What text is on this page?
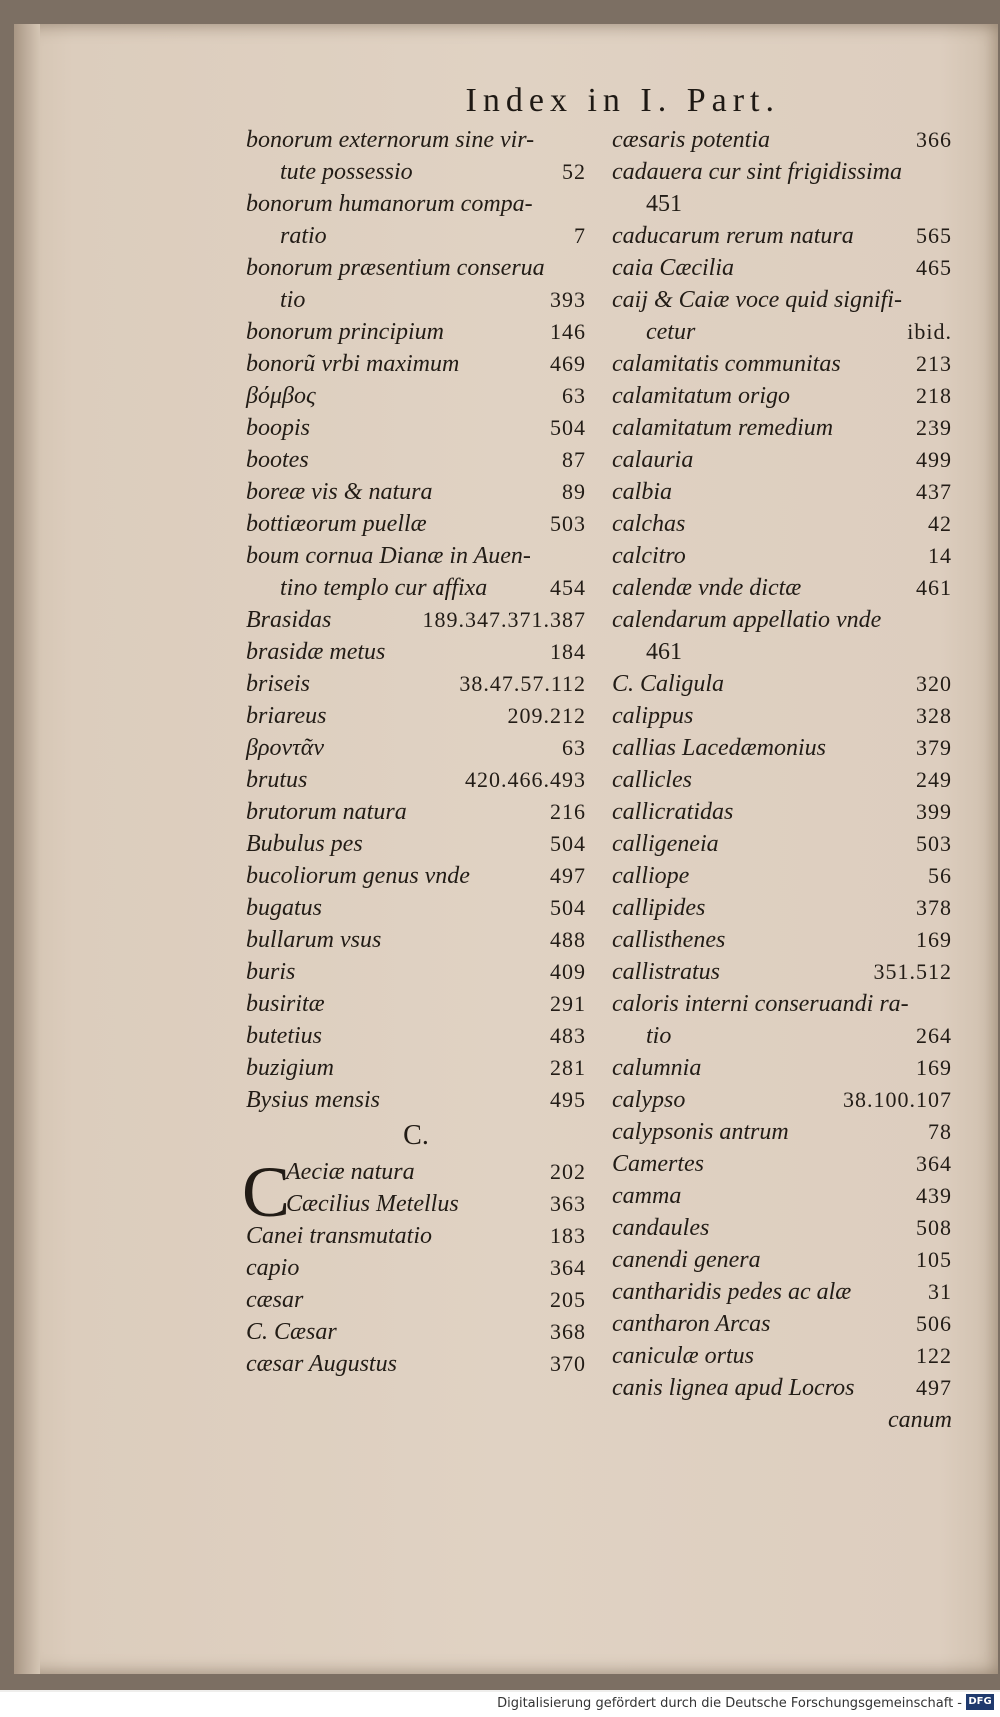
Index in I. Part.
bonorum externorum sine vir-
tute possessio	52
bonorum humanorum compa-
ratio	7
bonorum præsentium conserua
tio	393
bonorum principium	146
bonorũ vrbi maximum	469
βόμβος	63
boopis	504
bootes	87
boreæ vis & natura	89
bottiæorum puellæ	503
boum cornua Dianæ in Auen-
tino templo cur affixa	454
Brasidas	189.347.371.387
brasidæ metus	184
briseis	38.47.57.112
briareus	209.212
βροντᾶν	63
brutus	420.466.493
brutorum natura	216
Bubulus pes	504
bucoliorum genus vnde	497
bugatus	504
bullarum vsus	488
buris	409
busiritæ	291
butetius	483
buzigium	281
Bysius mensis	495
C.
C
Aeciæ natura	202
Cæcilius Metellus	363
Canei transmutatio	183
capio	364
cæsar	205
C. Cæsar	368
cæsar Augustus	370
cæsaris potentia	366
cadauera cur sint frigidissima
451
caducarum rerum natura	565
caia Cæcilia	465
caij & Caiæ voce quid signifi-
cetur	ibid.
calamitatis communitas	213
calamitatum origo	218
calamitatum remedium	239
calauria	499
calbia	437
calchas	42
calcitro	14
calendæ vnde dictæ	461
calendarum appellatio vnde
461
C. Caligula	320
calippus	328
callias Lacedæmonius	379
callicles	249
callicratidas	399
calligeneia	503
calliope	56
callipides	378
callisthenes	169
callistratus	351.512
caloris interni conseruandi ra-
tio	264
calumnia	169
calypso	38.100.107
calypsonis antrum	78
Camertes	364
camma	439
candaules	508
canendi genera	105
cantharidis pedes ac alæ	31
cantharon Arcas	506
caniculæ ortus	122
canis lignea apud Locros	497
canum
Digitalisierung gefördert durch die Deutsche Forschungsgemeinschaft - DFG
